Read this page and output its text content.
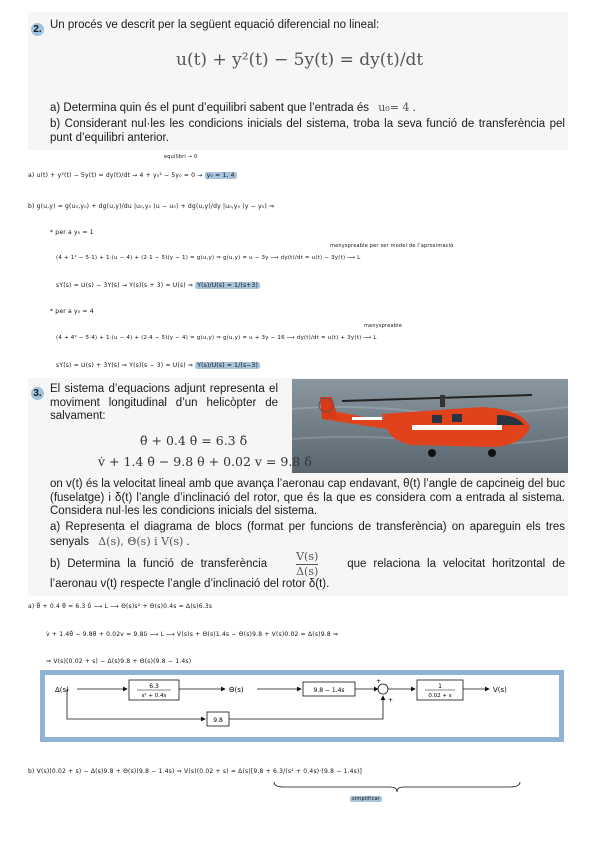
2. Un procés ve descrit per la següent equació diferencial no lineal:
u(t) + y²(t) − 5y(t) = dy(t)/dt
a) Determina quin és el punt d’equilibri sabent que l’entrada és u₀= 4 .
b) Considerant nul·les les condicions inicials del sistema, troba la seva funció de transferència pel punt d’equilibri anterior.
equilibri → 0
a) u(t) + y²(t) − 5y(t) = dy(t)/dt → 4 + y₀² − 5y₀ = 0 → y₀ = 1, 4
b) g(u,y) = g(u₀,y₀) + dg(u,y)/du |u₀,y₀ (u − u₀) + dg(u,y)/dy |u₀,y₀ (y − y₀) ⇒
* per a y₀ = 1
menyspreable per ser model de l’aproximació
(4 + 1² − 5·1) + 1·(u − 4) + (2·1 − 5)(y − 1) = g(u,y) ⇒ g(u,y) = u − 3y ⟶ dy(t)/dt = u(t) − 3y(t) ⟶ L
sY(s) = U(s) − 3Y(s) → Y(s)(s + 3) = U(s) ⇒ Y(s)/U(s) = 1/(s+3)
* per a y₀ = 4
menyspreable
(4 + 4² − 5·4) + 1·(u − 4) + (2·4 − 5)(y − 4) = g(u,y) ⇒ g(u,y) = u + 3y − 16 ⟶ dy(t)/dt = u(t) + 3y(t) ⟶ L
sY(s) = U(s) + 3Y(s) ⇒ Y(s)(s − 3) = U(s) ⇒ Y(s)/U(s) = 1/(s−3)
3. El sistema d’equacions adjunt representa el moviment longitudinal d’un helicòpter de salvament:
θ̈ + 0.4 θ̇ = 6.3 δ̇
v̇ + 1.4 θ̇ − 9.8 θ + 0.02 v = 9.8 δ
on v(t) és la velocitat lineal amb que avança l’aeronau cap endavant, θ(t) l’angle de capcineig del buc (fuselatge) i δ(t) l’angle d’inclinació del rotor, que és la que es considera com a entrada al sistema. Considera nul·les les condicions inicials del sistema.
a) Representa el diagrama de blocs (format per funcions de transferència) on apareguin els tres senyals Δ(s), Θ(s) i V(s) .
b) Determina la funció de transferència	$\frac{V(s)}{\Delta(s)}$	que relaciona la velocitat horitzontal de l’aeronau v(t) respecte l’angle d’inclinació del rotor δ(t).
a) θ̈ + 0.4 θ̇ = 6.3 δ̇ ⟶ L ⟶ Θ(s)s² + Θ(s)0.4s = Δ(s)6.3s
v̇ + 1.4θ̇ − 9.8θ + 0.02v = 9.8δ ⟶ L ⟶ V(s)s + Θ(s)1.4s − Θ(s)9.8 + V(s)0.02 = Δ(s)9.8 ⇒
⇒ V(s)(0.02 + s) − Δ(s)9.8 + Θ(s)(9.8 − 1.4s)
Δ(s)	6.3
s² + 0.4s
Θ(s)	9.8 − 1.4s
+
+
1
0.02 + s
V(s)
9.8
b) V(s)(0.02 + s) − Δ(s)9.8 + Θ(s)(9.8 − 1.4s) ⇒ V(s)(0.02 + s) = Δ(s)[9.8 + 6.3/(s² + 0.4s)·(9.8 − 1.4s)]
simplificar
